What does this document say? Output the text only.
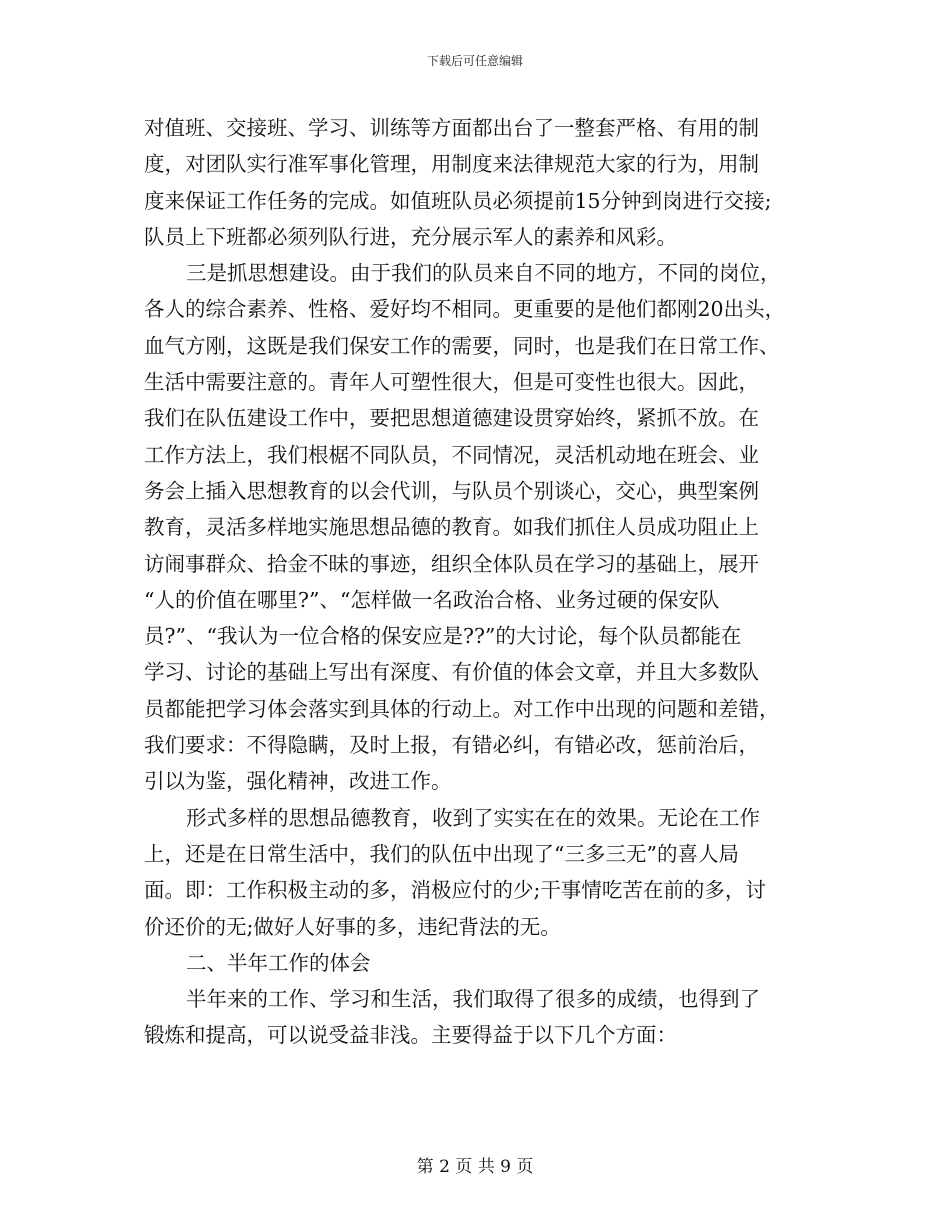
下载后可任意编辑
对值班、交接班、学习、训练等方面都出台了一整套严格、有用的制
度，对团队实行准军事化管理，用制度来法律规范大家的行为，用制
度来保证工作任务的完成。如值班队员必须提前15分钟到岗进行交接;
队员上下班都必须列队行进，充分展示军人的素养和风彩。
三是抓思想建设。由于我们的队员来自不同的地方，不同的岗位，
各人的综合素养、性格、爱好均不相同。更重要的是他们都刚20出头，
血气方刚，这既是我们保安工作的需要，同时，也是我们在日常工作、
生活中需要注意的。青年人可塑性很大，但是可变性也很大。因此，
我们在队伍建设工作中，要把思想道德建设贯穿始终，紧抓不放。在
工作方法上，我们根椐不同队员，不同情况，灵活机动地在班会、业
务会上插入思想教育的以会代训，与队员个别谈心，交心，典型案例
教育，灵活多样地实施思想品德的教育。如我们抓住人员成功阻止上
访闹事群众、拾金不昧的事迹，组织全体队员在学习的基础上，展开
“人的价值在哪里?”、“怎样做一名政治合格、业务过硬的保安队
员?”、“我认为一位合格的保安应是??”的大讨论，每个队员都能在
学习、讨论的基础上写出有深度、有价值的体会文章，并且大多数队
员都能把学习体会落实到具体的行动上。对工作中出现的问题和差错，
我们要求：不得隐瞒，及时上报，有错必纠，有错必改，惩前治后，
引以为鉴，强化精神，改进工作。
形式多样的思想品德教育，收到了实实在在的效果。无论在工作
上，还是在日常生活中，我们的队伍中出现了“三多三无”的喜人局
面。即：工作积极主动的多，消极应付的少;干事情吃苦在前的多，讨
价还价的无;做好人好事的多，违纪背法的无。
二、半年工作的体会
半年来的工作、学习和生活，我们取得了很多的成绩，也得到了
锻炼和提高，可以说受益非浅。主要得益于以下几个方面：
第 2 页 共 9 页
